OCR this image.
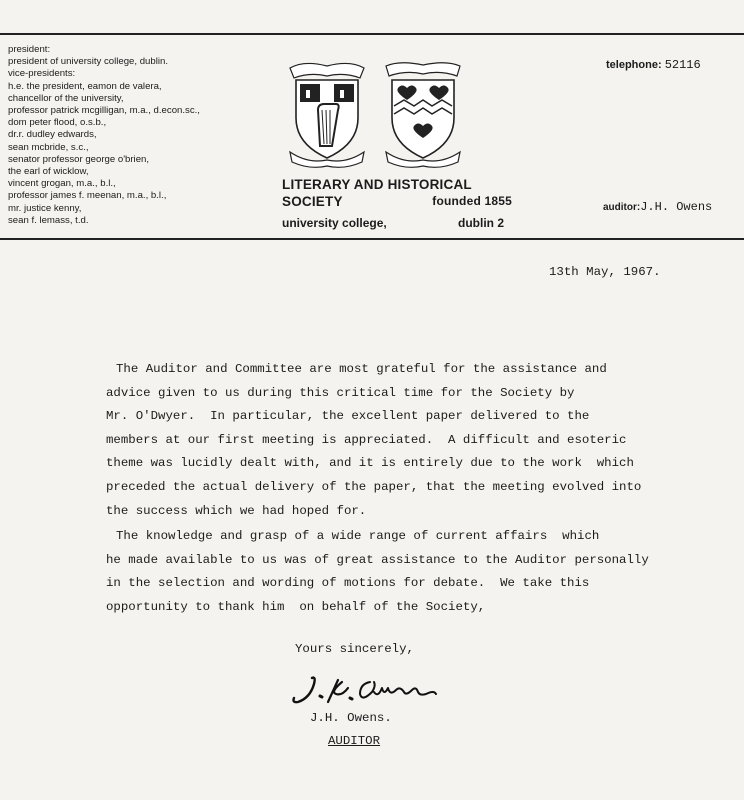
president:
president of university college, dublin.
vice-presidents:
h.e. the president, eamon de valera,
chancellor of the university,
professor patrick mcgilligan, m.a., d.econ.sc.,
dom peter flood, o.s.b.,
dr.r. dudley edwards,
sean mcbride, s.c.,
senator professor george o'brien,
the earl of wicklow,
vincent grogan, m.a., b.l.,
professor james f. meenan, m.a., b.l.,
mr. justice kenny,
sean f. lemass, t.d.
LITERARY AND HISTORICAL
SOCIETY	founded 1855
university college,	dublin 2
telephone: 52116
auditor:J.H. Owens
13th May, 1967.
The Auditor and Committee are most grateful for the assistance and
advice given to us during this critical time for the Society by
Mr. O'Dwyer.  In particular, the excellent paper delivered to the
members at our first meeting is appreciated.  A difficult and esoteric
theme was lucidly dealt with, and it is entirely due to the work  which
preceded the actual delivery of the paper, that the meeting evolved into
the success which we had hoped for.
The knowledge and grasp of a wide range of current affairs  which
he made available to us was of great assistance to the Auditor personally
in the selection and wording of motions for debate.  We take this
opportunity to thank him  on behalf of the Society,
Yours sincerely,
J.H. Owens.
AUDITOR
